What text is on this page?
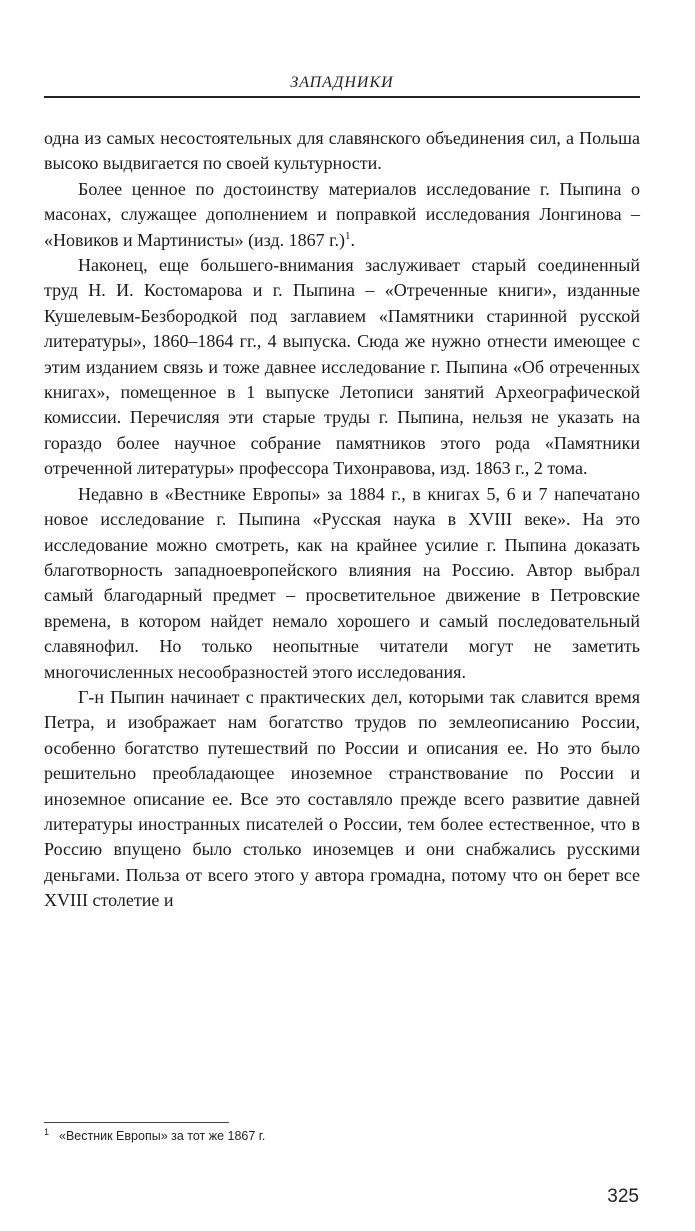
ЗАПАДНИКИ

одна из самых несостоятельных для славянского объединения сил, а Польша высоко выдвигается по своей культурности.

Более ценное по достоинству материалов исследование г. Пыпина о масонах, служащее дополнением и поправкой исследования Лонгинова – «Новиков и Мартинисты» (изд. 1867 г.)$^1$.

Наконец, еще большего-внимания заслуживает старый соединенный труд Н. И. Костомарова и г. Пыпина – «Отреченные книги», изданные Кушелевым-Безбородкой под заглавием «Памятники старинной русской литературы», 1860–1864 гг., 4 выпуска. Сюда же нужно отнести имеющее с этим изданием связь и тоже давнее исследование г. Пыпина «Об отреченных книгах», помещенное в 1 выпуске Летописи занятий Археографической комиссии. Перечисляя эти старые труды г. Пыпина, нельзя не указать на гораздо более научное собрание памятников этого рода «Памятники отреченной литературы» профессора Тихонравова, изд. 1863 г., 2 тома.

Недавно в «Вестнике Европы» за 1884 г., в книгах 5, 6 и 7 напечатано новое исследование г. Пыпина «Русская наука в XVIII веке». На это исследование можно смотреть, как на крайнее усилие г. Пыпина доказать благотворность западноевропейского влияния на Россию. Автор выбрал самый благодарный предмет – просветительное движение в Петровские времена, в котором найдет немало хорошего и самый последовательный славянофил. Но только неопытные читатели могут не заметить многочисленных несообразностей этого исследования.

Г-н Пыпин начинает с практических дел, которыми так славится время Петра, и изображает нам богатство трудов по землеописанию России, особенно богатство путешествий по России и описания ее. Но это было решительно преобладающее иноземное странствование по России и иноземное описание ее. Все это составляло прежде всего развитие давней литературы иностранных писателей о России, тем более естественное, что в Россию впущено было столько иноземцев и они снабжались русскими деньгами. Польза от всего этого у автора громадна, потому что он берет все XVIII столетие и

$^1$ «Вестник Европы» за тот же 1867 г.
325
